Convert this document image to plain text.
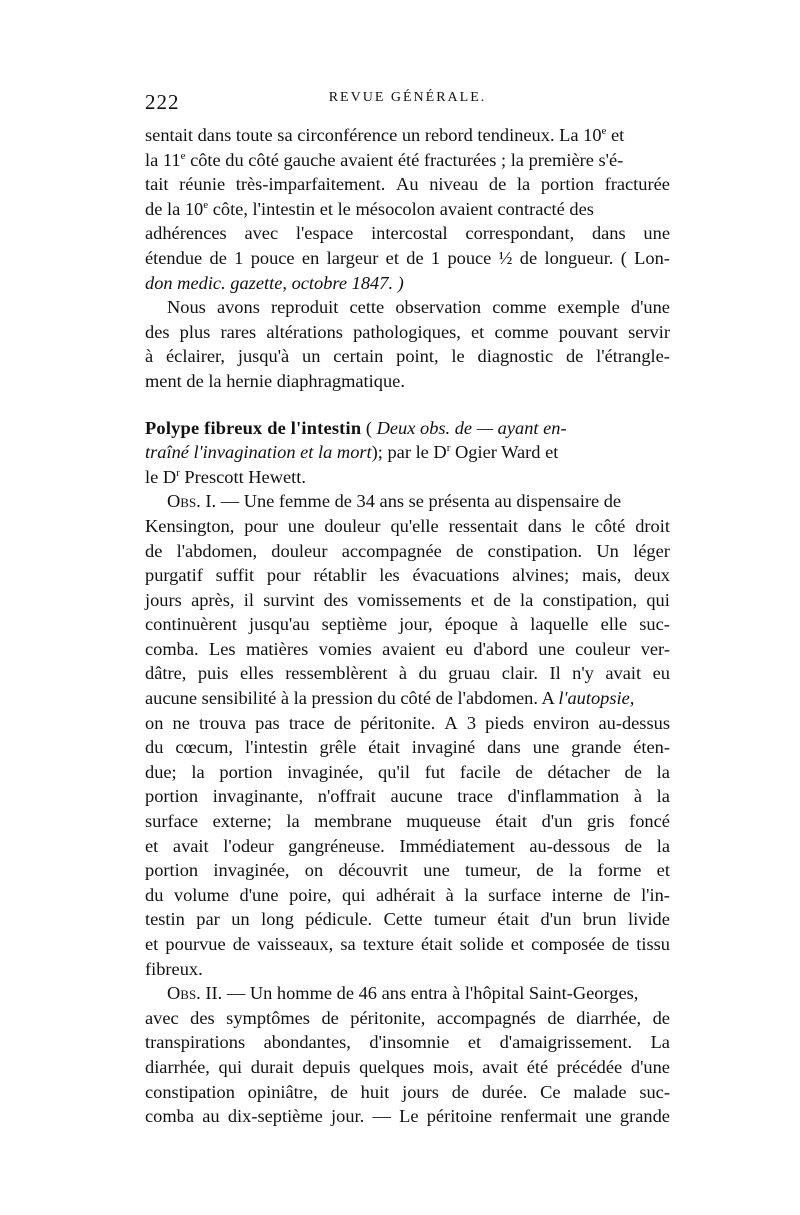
222	REVUE GÉNÉRALE.
sentait dans toute sa circonférence un rebord tendineux. La 10e et
la 11e côte du côté gauche avaient été fracturées ; la première s'é-
tait réunie très-imparfaitement. Au niveau de la portion fracturée
de la 10e côte, l'intestin et le mésocolon avaient contracté des
adhérences avec l'espace intercostal correspondant, dans une
étendue de 1 pouce en largeur et de 1 pouce ½ de longueur. ( Lon-
don medic. gazette, octobre 1847. )
Nous avons reproduit cette observation comme exemple d'une
des plus rares altérations pathologiques, et comme pouvant servir
à éclairer, jusqu'à un certain point, le diagnostic de l'étrangle-
ment de la hernie diaphragmatique.
Polype fibreux de l'intestin ( Deux obs. de — ayant en-
traîné l'invagination et la mort); par le $D^r$ Ogier Ward et
le $D^r$ Prescott Hewett.
Obs. I. — Une femme de 34 ans se présenta au dispensaire de
Kensington, pour une douleur qu'elle ressentait dans le côté droit
de l'abdomen, douleur accompagnée de constipation. Un léger
purgatif suffit pour rétablir les évacuations alvines; mais, deux
jours après, il survint des vomissements et de la constipation, qui
continuèrent jusqu'au septième jour, époque à laquelle elle suc-
comba. Les matières vomies avaient eu d'abord une couleur ver-
dâtre, puis elles ressemblèrent à du gruau clair. Il n'y avait eu
aucune sensibilité à la pression du côté de l'abdomen. A l'autopsie,
on ne trouva pas trace de péritonite. A 3 pieds environ au-dessus
du cœcum, l'intestin grêle était invaginé dans une grande éten-
due; la portion invaginée, qu'il fut facile de détacher de la
portion invaginante, n'offrait aucune trace d'inflammation à la
surface externe; la membrane muqueuse était d'un gris foncé
et avait l'odeur gangréneuse. Immédiatement au-dessous de la
portion invaginée, on découvrit une tumeur, de la forme et
du volume d'une poire, qui adhérait à la surface interne de l'in-
testin par un long pédicule. Cette tumeur était d'un brun livide
et pourvue de vaisseaux, sa texture était solide et composée de tissu
fibreux.
Obs. II. — Un homme de 46 ans entra à l'hôpital Saint-Georges,
avec des symptômes de péritonite, accompagnés de diarrhée, de
transpirations abondantes, d'insomnie et d'amaigrissement. La
diarrhée, qui durait depuis quelques mois, avait été précédée d'une
constipation opiniâtre, de huit jours de durée. Ce malade suc-
comba au dix-septième jour. — Le péritoine renfermait une grande
